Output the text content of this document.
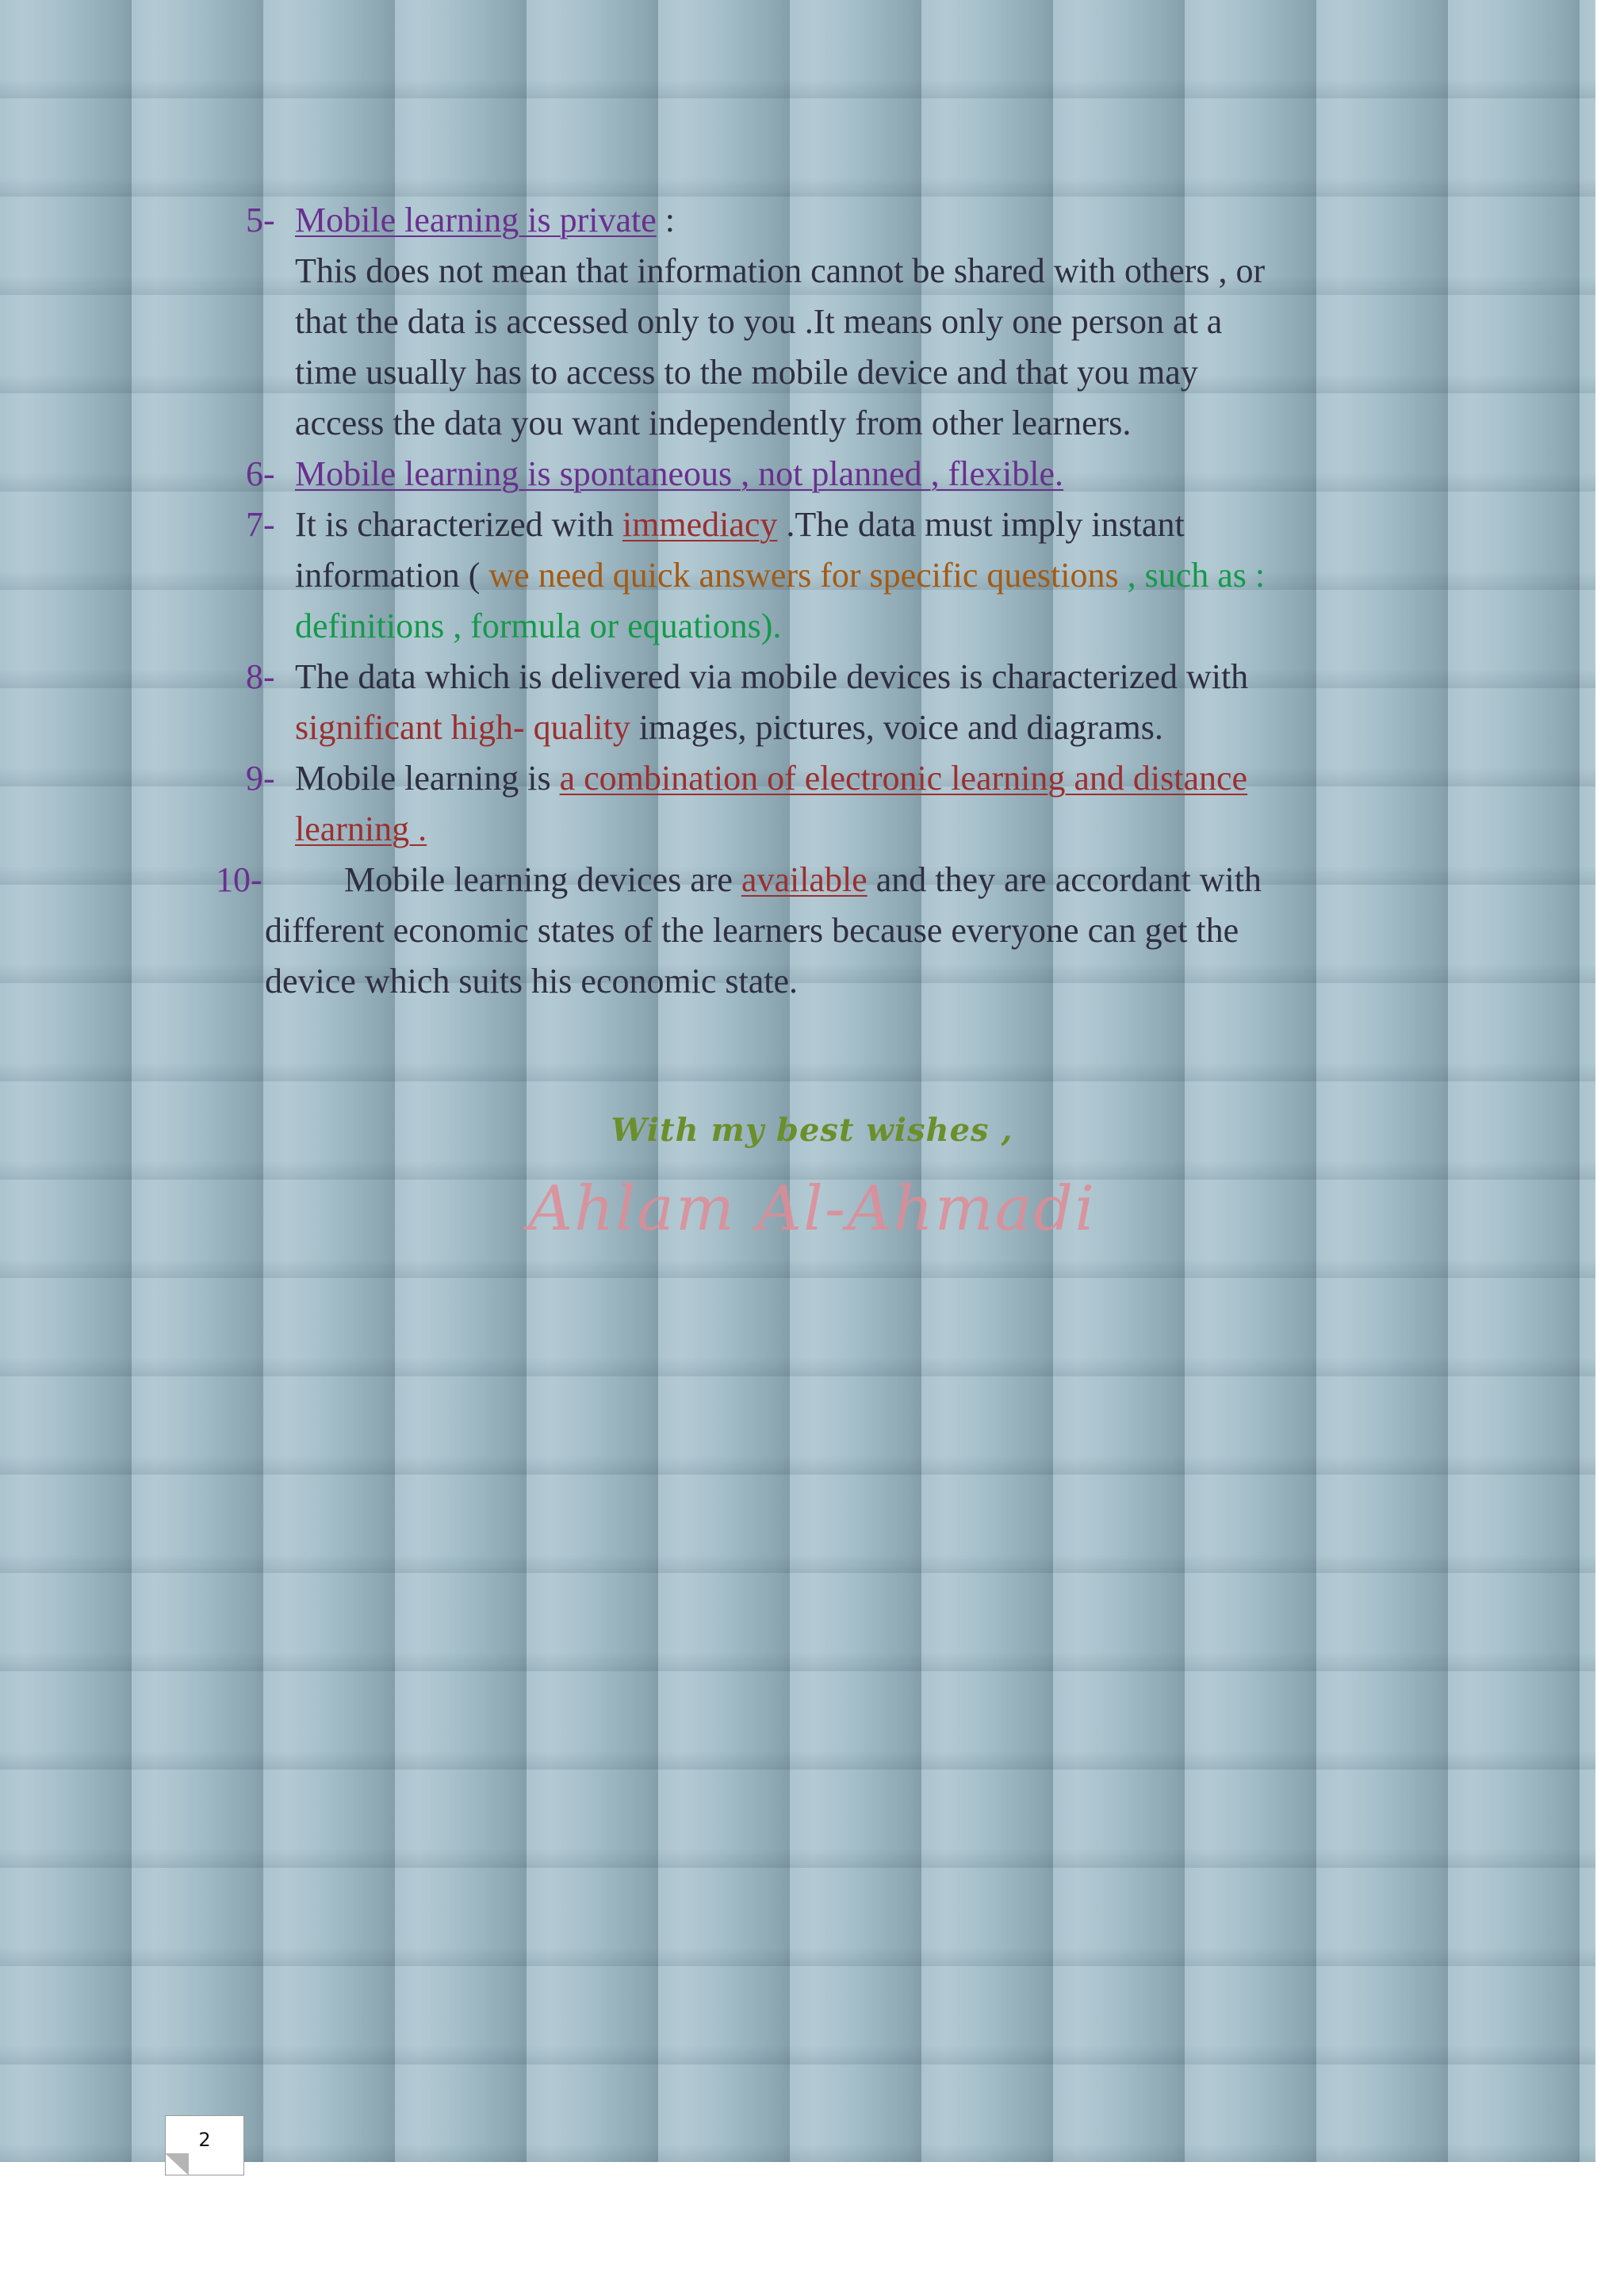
5- Mobile learning is private :
This does not mean that information cannot be shared with others , or
that the data is accessed only to you .It means only one person at a
time usually has to access to the mobile device and that you may
access the data you want independently from other learners.
6- Mobile learning is spontaneous , not planned , flexible.
7- It is characterized with immediacy .The data must imply instant
information ( we need quick answers for specific questions , such as :
definitions , formula or equations).
8- The data which is delivered via mobile devices is characterized with
significant high- quality images, pictures, voice and diagrams.
9- Mobile learning is a combination of electronic learning and distance
learning .
10- Mobile learning devices are available and they are accordant with
different economic states of the learners because everyone can get the
device which suits his economic state.
With my best wishes ,
Ahlam Al-Ahmadi
2
